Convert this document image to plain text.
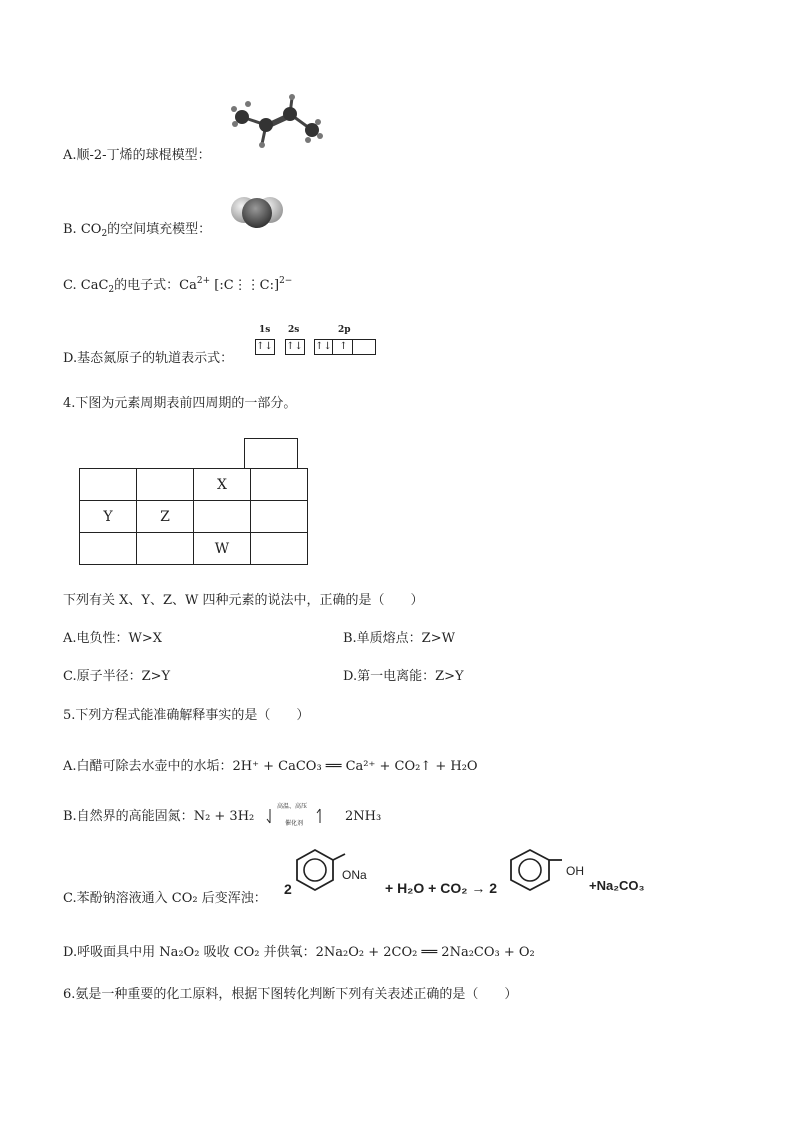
A.顺-2-丁烯的球棍模型：
B. $CO_2$的空间填充模型：
C. CaC$_2$的电子式：$Ca^{2+}$ [:C⋮⋮C:]$^{2-}$
D.基态氮原子的轨道表示式：
1s 2s	2p
↑↓ ↑↓ ↑↓ ↑
4.下图为元素周期表前四周期的一部分。
		X	
Y	Z		
		W	
下列有关 X、Y、Z、W 四种元素的说法中，正确的是（　　）
A.电负性：W>X	B.单质熔点：Z>W
C.原子半径：Z>Y	D.第一电离能：Z>Y
5.下列方程式能准确解释事实的是（　　）
A.白醋可除去水壶中的水垢：2H⁺ + CaCO₃ ══ Ca²⁺ + CO₂↑ + H₂O
B.自然界的高能固氮：N₂ + 3H₂
高温、高压
催化剂	2NH₃
C.苯酚钠溶液通入 CO₂ 后变浑浊：
2
ONa
+ H₂O + CO₂ → 2
OH
+Na₂CO₃
D.呼吸面具中用 Na₂O₂ 吸收 CO₂ 并供氧：2Na₂O₂ + 2CO₂ ══ 2Na₂CO₃ + O₂
6.氨是一种重要的化工原料，根据下图转化判断下列有关表述正确的是（　　）
